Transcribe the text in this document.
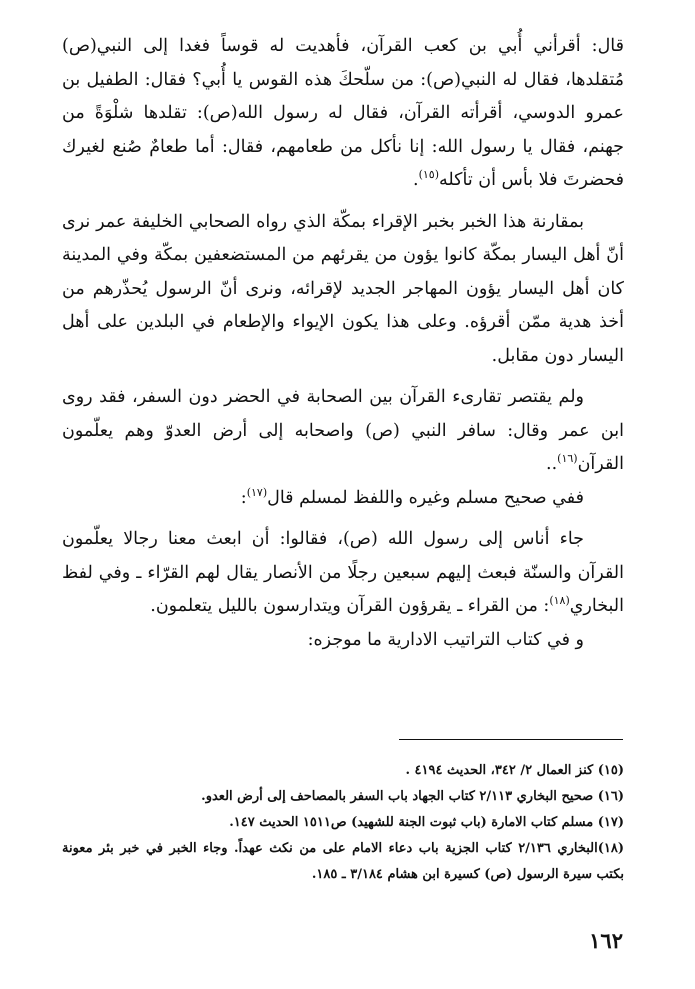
قال: أقرأني أُبي بن كعب القرآن، فأهديت له قوساً فغدا إلى النبي(ص) مُتقلدها، فقال له النبي(ص): من سلّحكَ هذه القوس يا أُبي؟ فقال: الطفيل بن عمرو الدوسي، أقرأته القرآن، فقال له رسول الله(ص): تقلدها شلْوَةً من جهنم، فقال يا رسول الله: إنا نأكل من طعامهم، فقال: أما طعامٌ صُنع لغيرك فحضرتَ فلا بأس أن تأكله$^{(١٥)}$.

بمقارنة هذا الخبر بخبر الإقراء بمكّة الذي رواه الصحابي الخليفة عمر نرى أنّ أهل اليسار بمكّة كانوا يؤون من يقرئهم من المستضعفين بمكّة وفي المدينة كان أهل اليسار يؤون المهاجر الجديد لإقرائه، ونرى أنّ الرسول يُحذّرهم من أخذ هدية ممّن أقرؤه. وعلى هذا يكون الإيواء والإطعام في البلدين على أهل اليسار دون مقابل.

ولم يقتصر تقارىء القرآن بين الصحابة في الحضر دون السفر، فقد روى ابن عمر وقال: سافر النبي (ص) واصحابه إلى أرض العدوّ وهم يعلّمون القرآن$^{(١٦)}$..

ففي صحيح مسلم وغيره واللفظ لمسلم قال$^{(١٧)}$:

جاء أناس إلى رسول الله (ص)، فقالوا: أن ابعث معنا رجالا يعلّمون القرآن والسنّة فبعث إليهم سبعين رجلًا من الأنصار يقال لهم القرّاء ـ وفي لفظ البخاري$^{(١٨)}$: من القراء ـ يقرؤون القرآن ويتدارسون بالليل يتعلمون.

و في كتاب التراتيب الادارية ما موجزه:

(١٥) كنز العمال ٢/ ٣٤٢، الحديث ٤١٩٤ .

(١٦) صحيح البخاري ٢/١١٣ كتاب الجهاد باب السفر بالمصاحف إلى أرض العدو.

(١٧) مسلم كتاب الامارة (باب ثبوت الجنة للشهيد) ص١٥١١ الحديث ١٤٧.

(١٨)البخاري ٢/١٣٦ كتاب الجزية باب دعاء الامام على من نكث عهداً. وجاء الخبر في خبر بئر معونة بكتب سيرة الرسول (ص) كسيرة ابن هشام ٣/١٨٤ ـ ١٨٥.

١٦٢
